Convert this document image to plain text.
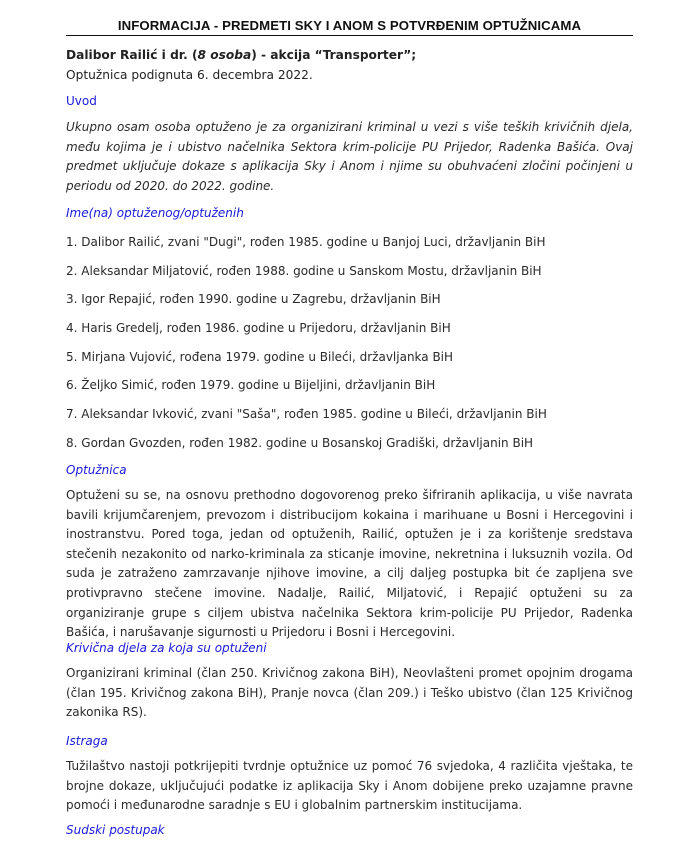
INFORMACIJA - PREDMETI SKY I ANOM S POTVRĐENIM OPTUŽNICAMA
Dalibor Railić i dr. (8 osoba) - akcija “Transporter”;
Optužnica podignuta 6. decembra 2022.
Uvod
Ukupno osam osoba optuženo je za organizirani kriminal u vezi s više teških krivičnih djela, među kojima je i ubistvo načelnika Sektora krim-policije PU Prijedor, Radenka Bašića. Ovaj predmet uključuje dokaze s aplikacija Sky i Anom i njime su obuhvaćeni zločini počinjeni u periodu od 2020. do 2022. godine.
Ime(na) optuženog/optuženih
1. Dalibor Railić, zvani "Dugi", rođen 1985. godine u Banjoj Luci, državljanin BiH
2. Aleksandar Miljatović, rođen 1988. godine u Sanskom Mostu, državljanin BiH
3. Igor Repajić, rođen 1990. godine u Zagrebu, državljanin BiH
4. Haris Gredelj, rođen 1986. godine u Prijedoru, državljanin BiH
5. Mirjana Vujović, rođena 1979. godine u Bileći, državljanka BiH
6. Željko Simić, rođen 1979. godine u Bijeljini, državljanin BiH
7. Aleksandar Ivković, zvani "Saša", rođen 1985. godine u Bileći, državljanin BiH
8. Gordan Gvozden, rođen 1982. godine u Bosanskoj Gradiški, državljanin BiH
Optužnica
Optuženi su se, na osnovu prethodno dogovorenog preko šifriranih aplikacija, u više navrata bavili krijumčarenjem, prevozom i distribucijom kokaina i marihuane u Bosni i Hercegovini i inostranstvu. Pored toga, jedan od optuženih, Railić, optužen je i za korištenje sredstava stečenih nezakonito od narko-kriminala za sticanje imovine, nekretnina i luksuznih vozila. Od suda je zatraženo zamrzavanje njihove imovine, a cilj daljeg postupka bit će zapljena sve protivpravno stečene imovine. Nadalje, Railić, Miljatović, i Repajić optuženi su za organiziranje grupe s ciljem ubistva načelnika Sektora krim-policije PU Prijedor, Radenka Bašića, i narušavanje sigurnosti u Prijedoru i Bosni i Hercegovini.
Krivična djela za koja su optuženi
Organizirani kriminal (član 250. Krivičnog zakona BiH), Neovlašteni promet opojnim drogama (član 195. Krivičnog zakona BiH), Pranje novca (član 209.) i Teško ubistvo (član 125 Krivičnog zakonika RS).
Istraga
Tužilaštvo nastoji potkrijepiti tvrdnje optužnice uz pomoć 76 svjedoka, 4 različita vještaka, te brojne dokaze, uključujući podatke iz aplikacija Sky i Anom dobijene preko uzajamne pravne pomoći i međunarodne saradnje s EU i globalnim partnerskim institucijama.
Sudski postupak
